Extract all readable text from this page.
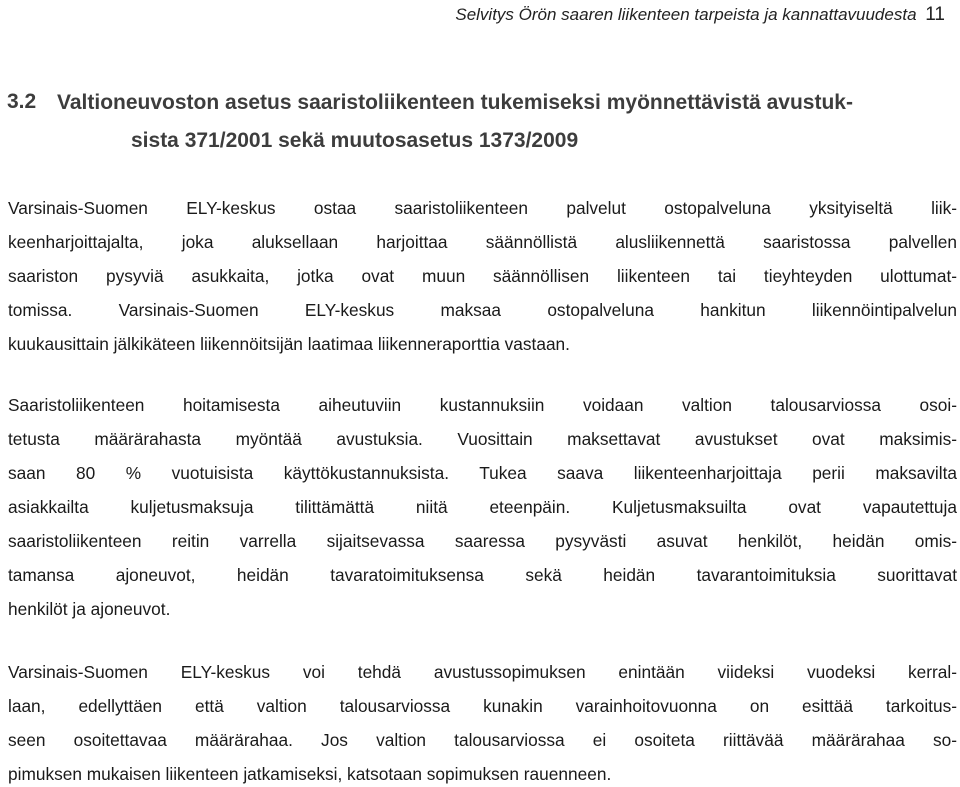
Selvitys Örön saaren liikenteen tarpeista ja kannattavuudesta 11
3.2 Valtioneuvoston asetus saaristoliikenteen tukemiseksi myönnettävistä avustuk-
sista 371/2001 sekä muutosasetus 1373/2009
Varsinais-Suomen ELY-keskus ostaa saaristoliikenteen palvelut ostopalveluna yksityiseltä liik-
keenharjoittajalta, joka aluksellaan harjoittaa säännöllistä alusliikennettä saaristossa palvellen
saariston pysyviä asukkaita, jotka ovat muun säännöllisen liikenteen tai tieyhteyden ulottumat-
tomissa. Varsinais-Suomen ELY-keskus maksaa ostopalveluna hankitun liikennöintipalvelun
kuukausittain jälkikäteen liikennöitsijän laatimaa liikenneraporttia vastaan.
Saaristoliikenteen hoitamisesta aiheutuviin kustannuksiin voidaan valtion talousarviossa osoi-
tetusta määrärahasta myöntää avustuksia. Vuosittain maksettavat avustukset ovat maksimis-
saan 80 % vuotuisista käyttökustannuksista. Tukea saava liikenteenharjoittaja perii maksavilta
asiakkailta kuljetusmaksuja tilittämättä niitä eteenpäin. Kuljetusmaksuilta ovat vapautettuja
saaristoliikenteen reitin varrella sijaitsevassa saaressa pysyvästi asuvat henkilöt, heidän omis-
tamansa ajoneuvot, heidän tavaratoimituksensa sekä heidän tavarantoimituksia suorittavat
henkilöt ja ajoneuvot.
Varsinais-Suomen ELY-keskus voi tehdä avustussopimuksen enintään viideksi vuodeksi kerral-
laan, edellyttäen että valtion talousarviossa kunakin varainhoitovuonna on esittää tarkoitus-
seen osoitettavaa määrärahaa. Jos valtion talousarviossa ei osoiteta riittävää määrärahaa so-
pimuksen mukaisen liikenteen jatkamiseksi, katsotaan sopimuksen rauenneen.
